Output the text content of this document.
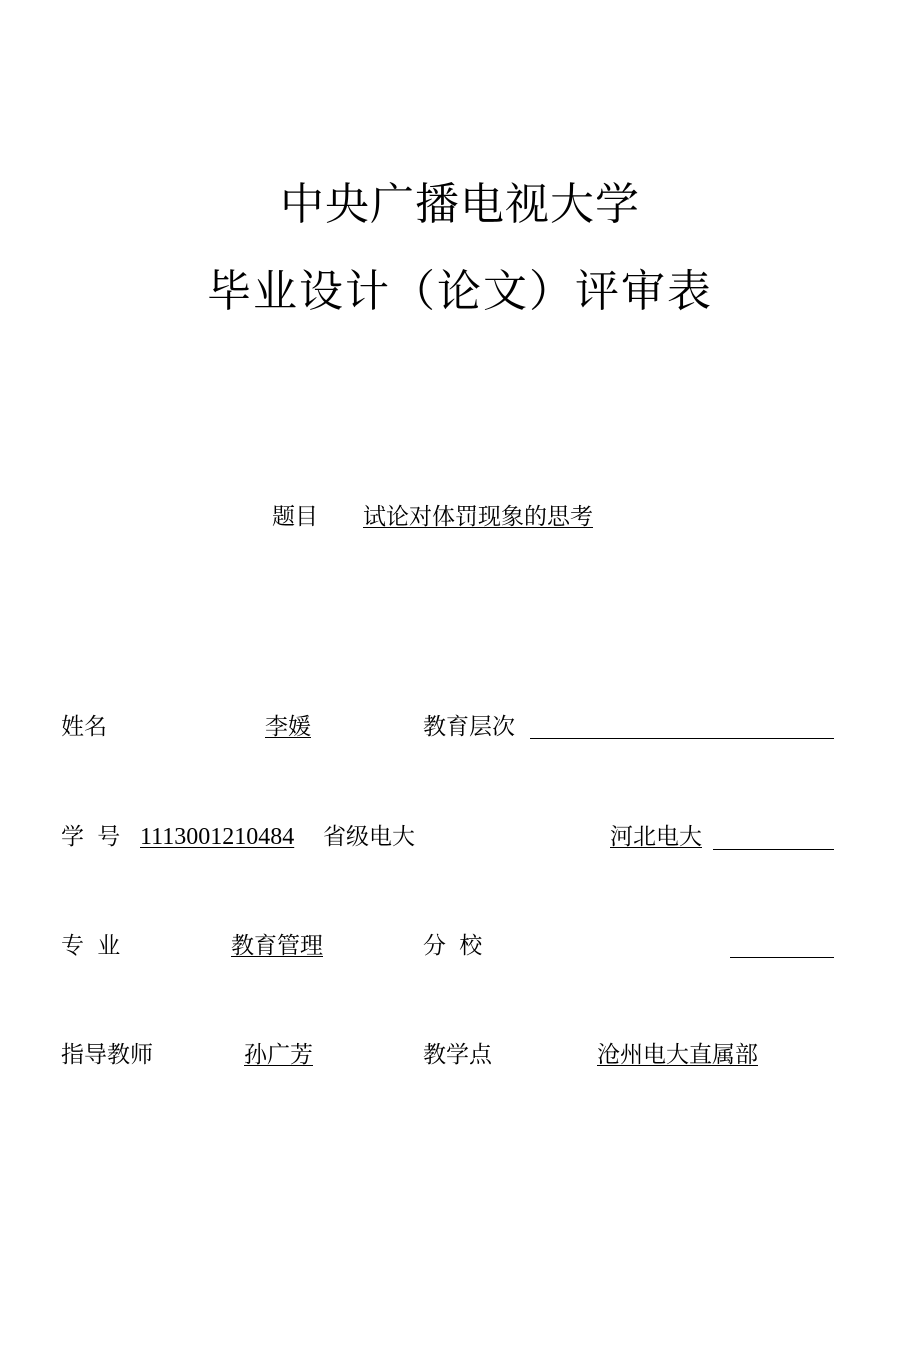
中央广播电视大学
毕业设计（论文）评审表
题目 试论对体罚现象的思考
姓名	李媛	教育层次
学 号 1113001210484 省级电大	河北电大
专 业	教育管理	分 校
指导教师	孙广芳	教学点	沧州电大直属部
